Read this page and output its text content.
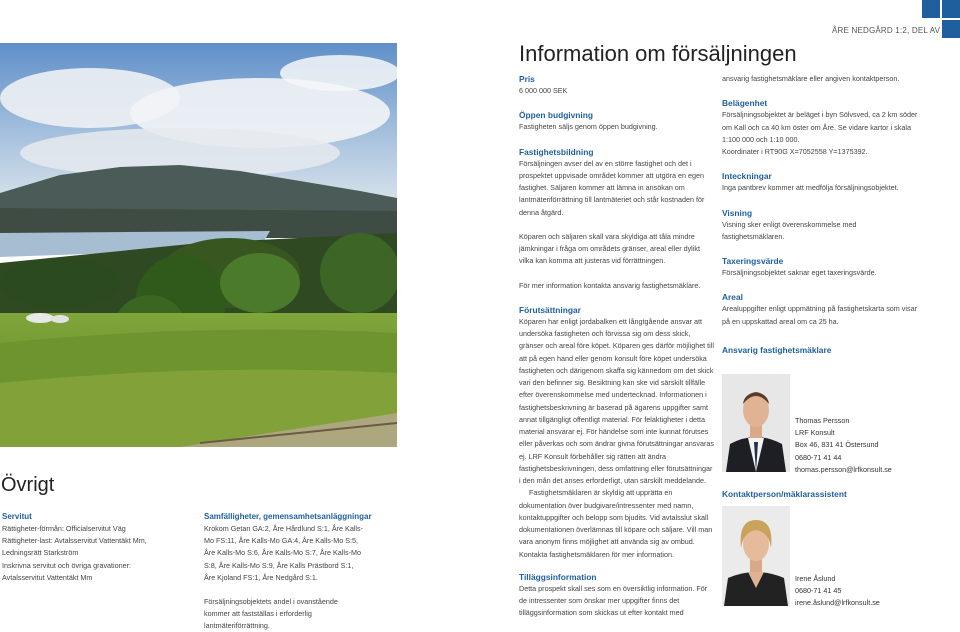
ÅRE NEDGÅRD 1:2, DEL AV
Information om försäljningen
Pris
6 000 000 SEK
Öppen budgivning
Fastigheten säljs genom öppen budgivning.
Fastighetsbildning
Försäljningen avser del av en större fastighet och det i prospektet uppvisade området kommer att utgöra en egen fastighet. Säljaren kommer att lämna in ansökan om lantmäteriförrättning till lantmäteriet och står kostnaden för denna åtgärd.
Köparen och säljaren skall vara skyldiga att tåla mindre jämkningar i fråga om områdets gränser, areal eller dylikt vilka kan komma att justeras vid förrättningen.
För mer information kontakta ansvarig fastighetsmäklare.
Förutsättningar
Köparen har enligt jordabalken ett långtgående ansvar att undersöka fastigheten och förvissa sig om dess skick, gränser och areal före köpet. Köparen ges därför möjlighet till att på egen hand eller genom konsult före köpet undersöka fastigheten och därigenom skaffa sig kännedom om det skick vari den befinner sig. Besiktning kan ske vid särskilt tillfälle efter överenskommelse med undertecknad. Informationen i fastighetsbeskrivning är baserad på ägarens uppgifter samt annat tillgängligt offentligt material. För felaktigheter i detta material ansvarar ej. För händelse som inte kunnat förutses eller påverkas och som ändrar givna förutsättningar ansvaras ej. LRF Konsult förbehåller sig rätten att ändra fastighetsbeskrivningen, dess omfattning eller förutsättningar i den mån det anses erforderligt, utan särskilt meddelande.
Fastighetsmäklaren är skyldig att upprätta en dokumentation över budgivare/intressenter med namn, kontaktuppgifter och belopp som bjudits. Vid avtalsslut skall dokumentationen överlämnas till köpare och säljare. Vill man vara anonym finns möjlighet att använda sig av ombud. Kontakta fastighetsmäklaren för mer information.
Tilläggsinformation
Detta prospekt skall ses som en översiktlig information. För de intressenter som önskar mer uppgifter finns det tilläggsinformation som skickas ut efter kontakt med
ansvarig fastighetsmäklare eller angiven kontaktperson.
Belägenhet
Försäljningsobjektet är beläget i byn Sölvsved, ca 2 km söder om Kall och ca 40 km öster om Åre. Se vidare kartor i skala 1:100 000 och 1:10 000.
Koordinater i RT90G X=7052558 Y=1375392.
Inteckningar
Inga pantbrev kommer att medfölja försäljningsobjektet.
Visning
Visning sker enligt överenskommelse med fastighetsmäklaren.
Taxeringsvärde
Försäljningsobjektet saknar eget taxeringsvärde.
Areal
Arealuppgifter enligt uppmätning på fastighetskarta som visar på en uppskattad areal om ca 25 ha.
Ansvarig fastighetsmäklare
Thomas Persson
LRF Konsult
Box 46, 831 41 Östersund
0680-71 41 44
thomas.persson@lrfkonsult.se
Kontaktperson/mäklarassistent
Irene Åslund
0680-71 41 45
irene.åslund@lrfkonsult.se
Övrigt
Servitut
Rättigheter-förmån: Officialservitut Väg
Rättigheter-last: Avtalsservitut Vattentäkt Mm,
Ledningsrätt Starkström
Inskrivna servitut och övriga gravationer:
Avtalsservitut Vattentäkt Mm
Samfälligheter, gemensamhetsanläggningar
Krokom Getan GA:2, Åre Hårdlund S:1, Åre Kalls-
Mo FS:11, Åre Kalls-Mo GA:4, Åre Kalls-Mo S:5,
Åre Kalls-Mo S:6, Åre Kalls-Mo S:7, Åre Kalls-Mo
S:8, Åre Kalls-Mo S:9, Åre Kalls Prästbord S:1,
Åre Kjoland FS:1, Åre Nedgård S:1.
Försäljningsobjektets andel i ovanstående
kommer att fastställas i erforderlig
lantmäteriförrättning.
